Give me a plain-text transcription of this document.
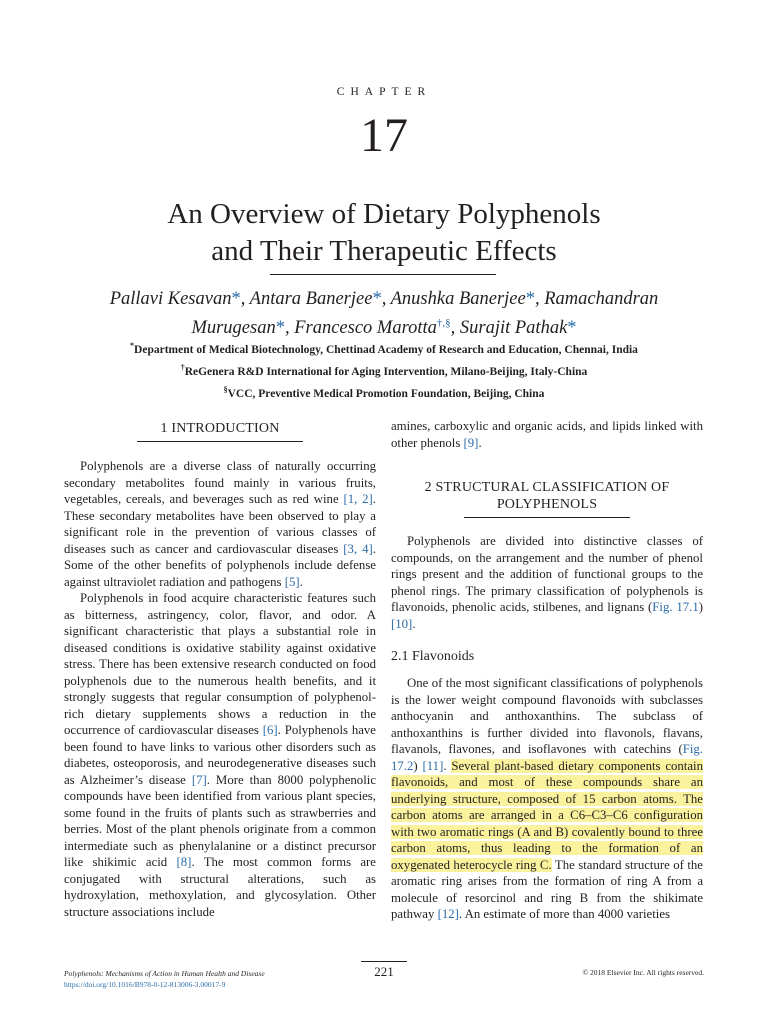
CHAPTER
17
An Overview of Dietary Polyphenols
and Their Therapeutic Effects
Pallavi Kesavan*, Antara Banerjee*, Anushka Banerjee*, Ramachandran
Murugesan*, Francesco Marotta†,§, Surajit Pathak*
*Department of Medical Biotechnology, Chettinad Academy of Research and Education, Chennai, India
†ReGenera R&D International for Aging Intervention, Milano-Beijing, Italy-China
§VCC, Preventive Medical Promotion Foundation, Beijing, China
1 INTRODUCTION

Polyphenols are a diverse class of naturally occurring secondary metabolites found mainly in various fruits, vegetables, cereals, and beverages such as red wine [1, 2]. These secondary metabolites have been observed to play a significant role in the prevention of various classes of diseases such as cancer and cardiovascular diseases [3, 4]. Some of the other benefits of polyphenols include defense against ultraviolet radiation and pathogens [5].

Polyphenols in food acquire characteristic features such as bitterness, astringency, color, flavor, and odor. A significant characteristic that plays a substantial role in diseased conditions is oxidative stability against oxidative stress. There has been extensive research conducted on food polyphenols due to the numerous health benefits, and it strongly suggests that regular consumption of polyphenol-rich dietary supplements shows a reduction in the occurrence of cardiovascular diseases [6]. Polyphenols have been found to have links to various other disorders such as diabetes, osteoporosis, and neurodegenerative diseases such as Alzheimer’s disease [7]. More than 8000 polyphenolic compounds have been identified from various plant species, some found in the fruits of plants such as strawberries and berries. Most of the plant phenols originate from a common intermediate such as phenylalanine or a distinct precursor like shikimic acid [8]. The most common forms are conjugated with structural alterations, such as hydroxylation, methoxylation, and glycosylation. Other structure associations include

amines, carboxylic and organic acids, and lipids linked with other phenols [9].

2 STRUCTURAL CLASSIFICATION OF
POLYPHENOLS

Polyphenols are divided into distinctive classes of compounds, on the arrangement and the number of phenol rings present and the addition of functional groups to the phenol rings. The primary classification of polyphenols is flavonoids, phenolic acids, stilbenes, and lignans (Fig. 17.1) [10].

2.1 Flavonoids

One of the most significant classifications of polyphenols is the lower weight compound flavonoids with subclasses anthocyanin and anthoxanthins. The subclass of anthoxanthins is further divided into flavonols, flavans, flavanols, flavones, and isoflavones with catechins (Fig. 17.2) [11]. Several plant-based dietary components contain flavonoids, and most of these compounds share an underlying structure, composed of 15 carbon atoms. The carbon atoms are arranged in a C6–C3–C6 configuration with two aromatic rings (A and B) covalently bound to three carbon atoms, thus leading to the formation of an oxygenated heterocycle ring C. The standard structure of the aromatic ring arises from the formation of ring A from a molecule of resorcinol and ring B from the shikimate pathway [12]. An estimate of more than 4000 varieties

Polyphenols: Mechanisms of Action in Human Health and Disease
https://doi.org/10.1016/B978-0-12-813006-3.00017-9
221	© 2018 Elsevier Inc. All rights reserved.
